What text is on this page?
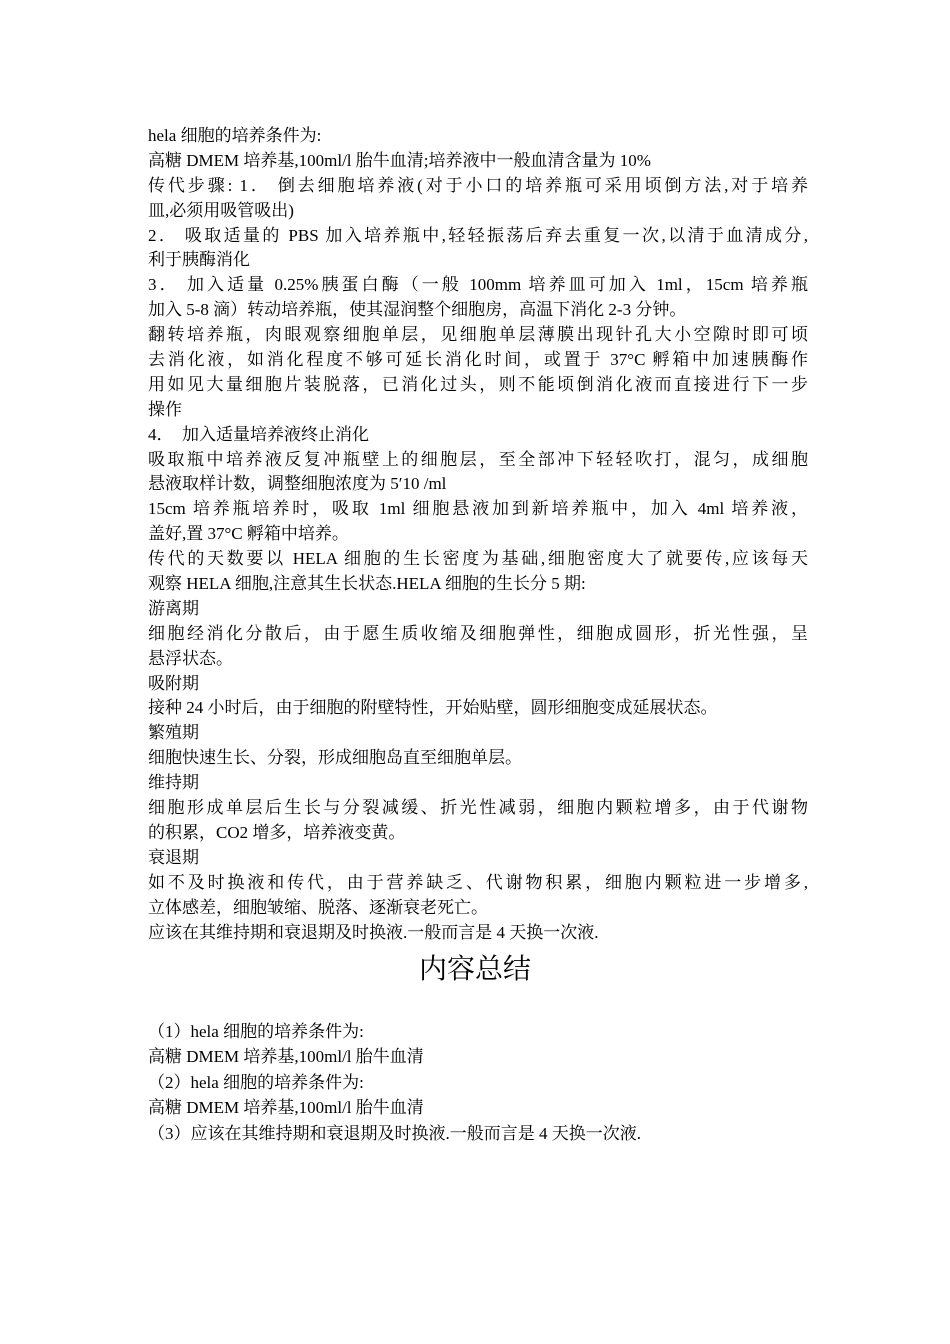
hela 细胞的培养条件为:
高糖 DMEM 培养基,100ml/l 胎牛血清;培养液中一般血清含量为 10%
传代步骤: 1． 倒去细胞培养液(对于小口的培养瓶可采用顷倒方法,对于培养
皿,必须用吸管吸出)
2． 吸取适量的 PBS 加入培养瓶中,轻轻振荡后弃去重复一次,以清于血清成分,
利于胰酶消化
3． 加入适量 0.25%胰蛋白酶（一般 100mm 培养皿可加入 1ml，15cm 培养瓶
加入 5-8 滴）转动培养瓶，使其湿润整个细胞房，高温下消化 2-3 分钟。
翻转培养瓶，肉眼观察细胞单层，见细胞单层薄膜出现针孔大小空隙时即可顷
去消化液，如消化程度不够可延长消化时间，或置于 37°C 孵箱中加速胰酶作
用如见大量细胞片装脱落，已消化过头，则不能顷倒消化液而直接进行下一步
操作
4．  加入适量培养液终止消化
吸取瓶中培养液反复冲瓶壁上的细胞层，至全部冲下轻轻吹打，混匀，成细胞
悬液取样计数，调整细胞浓度为 5′10 /ml
15cm 培养瓶培养时，吸取 1ml 细胞悬液加到新培养瓶中，加入 4ml 培养液，
盖好,置 37°C 孵箱中培养。
传代的天数要以 HELA 细胞的生长密度为基础,细胞密度大了就要传,应该每天
观察 HELA 细胞,注意其生长状态.HELA 细胞的生长分 5 期:
游离期
细胞经消化分散后，由于愿生质收缩及细胞弹性，细胞成圆形，折光性强，呈
悬浮状态。
吸附期
接种 24 小时后，由于细胞的附壁特性，开始贴壁，圆形细胞变成延展状态。
繁殖期
细胞快速生长、分裂，形成细胞岛直至细胞单层。
维持期
细胞形成单层后生长与分裂减缓、折光性减弱，细胞内颗粒增多，由于代谢物
的积累，CO2 增多，培养液变黄。
衰退期
如不及时换液和传代，由于营养缺乏、代谢物积累，细胞内颗粒进一步增多,
立体感差，细胞皱缩、脱落、逐渐衰老死亡。
应该在其维持期和衰退期及时换液.一般而言是 4 天换一次液.
内容总结
（1）hela 细胞的培养条件为:
高糖 DMEM 培养基,100ml/l 胎牛血清
（2）hela 细胞的培养条件为:
高糖 DMEM 培养基,100ml/l 胎牛血清
（3）应该在其维持期和衰退期及时换液.一般而言是 4 天换一次液.
